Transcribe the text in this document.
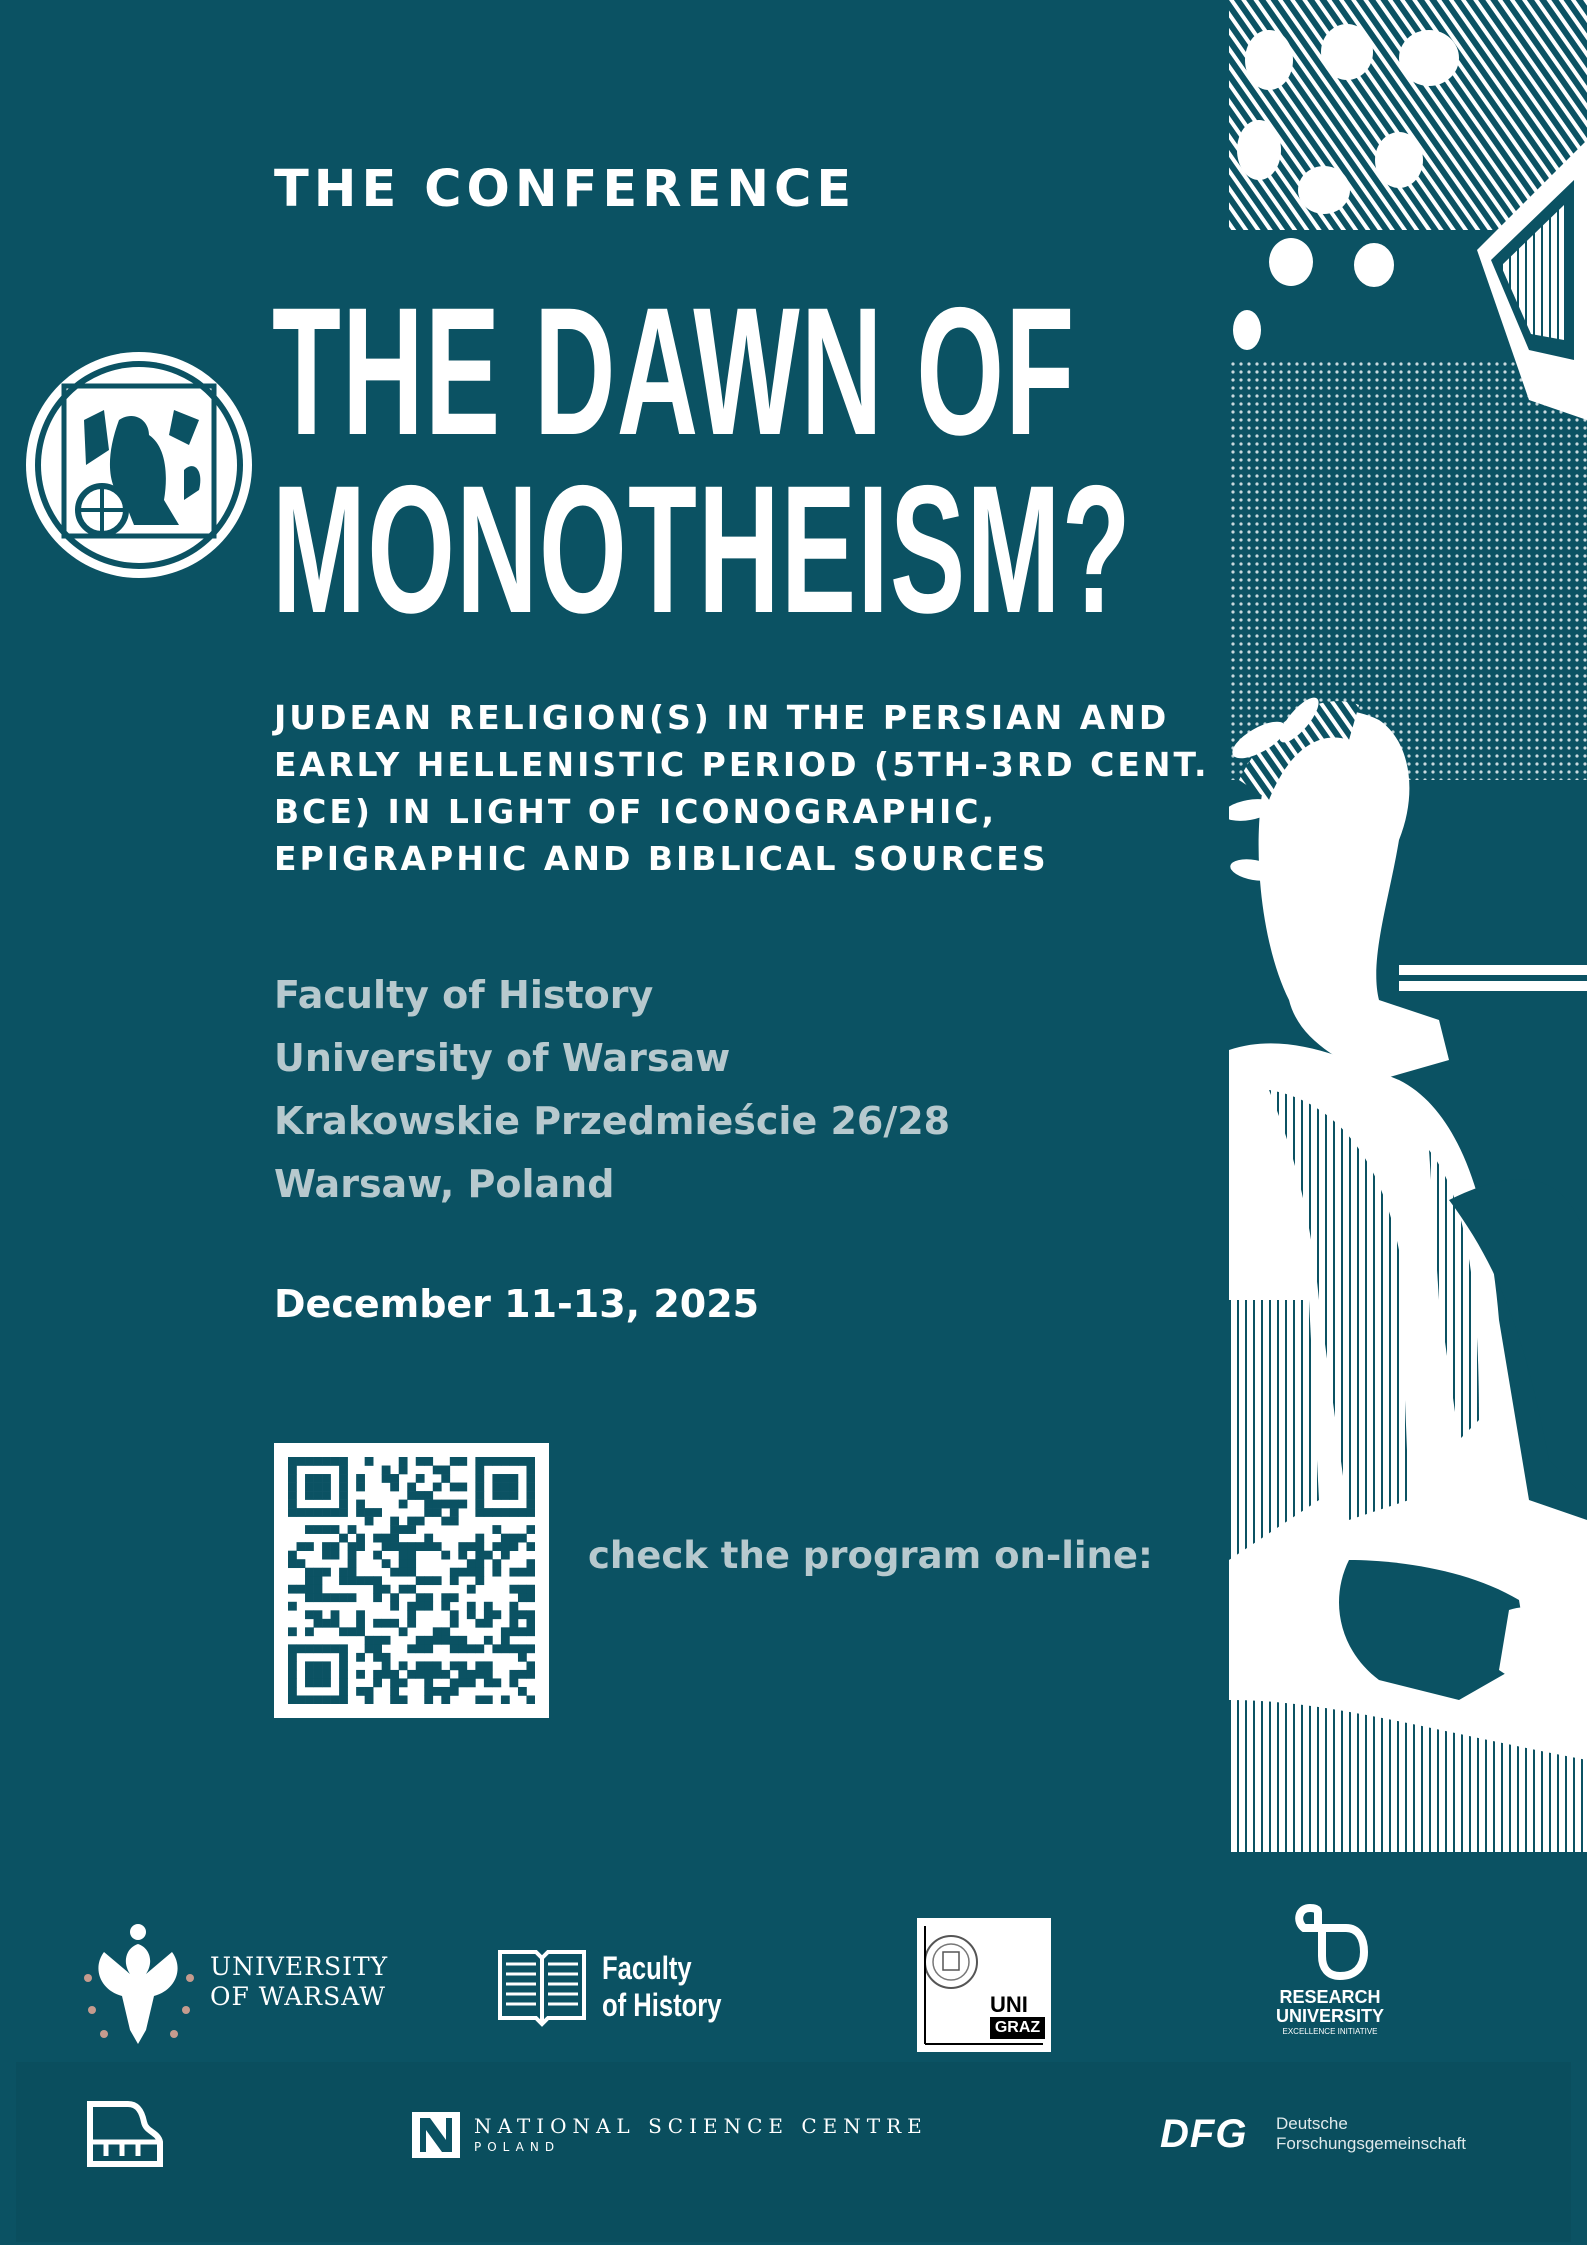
THE CONFERENCE
THE DAWN OF
MONOTHEISM?
JUDEAN RELIGION(S) IN THE PERSIAN AND
EARLY HELLENISTIC PERIOD (5TH-3RD CENT.
BCE) IN LIGHT OF ICONOGRAPHIC,
EPIGRAPHIC AND BIBLICAL SOURCES
Faculty of History
University of Warsaw
Krakowskie Przedmieście 26/28
Warsaw, Poland
December 11-13, 2025
check the program on-line:
UNIVERSITY
OF WARSAW
Faculty
of History	UNI
GRAZ
RESEARCH
UNIVERSITY
EXCELLENCE INITIATIVE
NATIONAL SCIENCE CENTRE
POLAND	DFG Deutsche
Forschungsgemeinschaft
